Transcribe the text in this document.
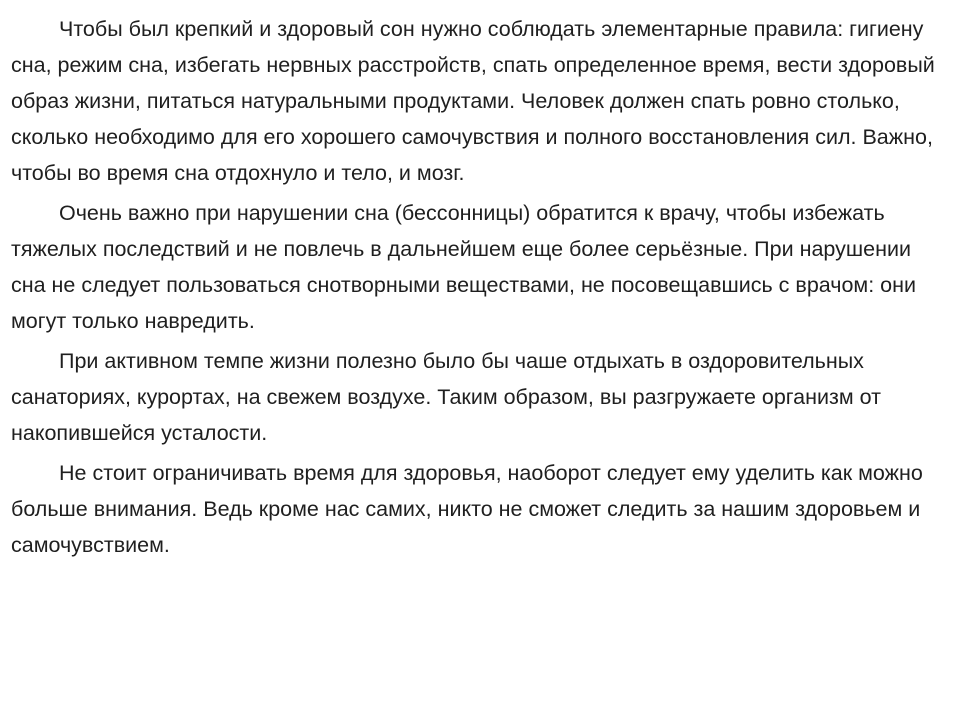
Чтобы был крепкий и здоровый сон нужно соблюдать элементарные правила: гигиену сна, режим сна, избегать нервных расстройств, спать определенное время, вести здоровый образ жизни, питаться натуральными продуктами. Человек должен спать ровно столько, сколько необходимо для его хорошего самочувствия и полного восстановления сил. Важно, чтобы во время сна отдохнуло и тело, и мозг.

Очень важно при нарушении сна (бессонницы) обратится к врачу, чтобы избежать тяжелых последствий и не повлечь в дальнейшем еще более серьёзные. При нарушении сна не следует пользоваться снотворными веществами, не посовещавшись с врачом: они могут только навредить.

При активном темпе жизни полезно было бы чаше отдыхать в оздоровительных санаториях, курортах, на свежем воздухе. Таким образом, вы разгружаете организм от накопившейся усталости.

Не стоит ограничивать время для здоровья, наоборот следует ему уделить как можно больше внимания. Ведь кроме нас самих, никто не сможет следить за нашим здоровьем и самочувствием.
